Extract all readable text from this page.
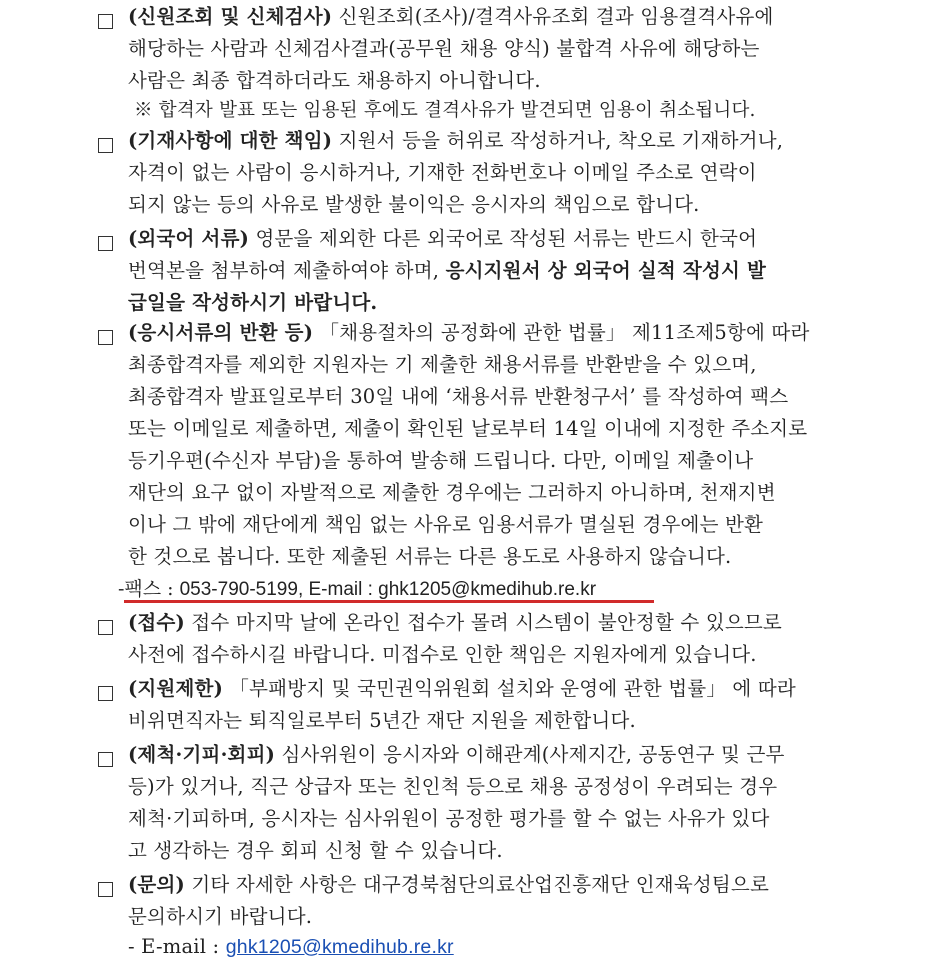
(신원조회 및 신체검사) 신원조회(조사)/결격사유조회 결과 임용결격사유에
해당하는 사람과 신체검사결과(공무원 채용 양식) 불합격 사유에 해당하는
사람은 최종 합격하더라도 채용하지 아니합니다.
※ 합격자 발표 또는 임용된 후에도 결격사유가 발견되면 임용이 취소됩니다.
(기재사항에 대한 책임) 지원서 등을 허위로 작성하거나, 착오로 기재하거나,
자격이 없는 사람이 응시하거나, 기재한 전화번호나 이메일 주소로 연락이
되지 않는 등의 사유로 발생한 불이익은 응시자의 책임으로 합니다.
(외국어 서류) 영문을 제외한 다른 외국어로 작성된 서류는 반드시 한국어
번역본을 첨부하여 제출하여야 하며, 응시지원서 상 외국어 실적 작성시 발
급일을 작성하시기 바랍니다.
(응시서류의 반환 등) 「채용절차의 공정화에 관한 법률」 제11조제5항에 따라
최종합격자를 제외한 지원자는 기 제출한 채용서류를 반환받을 수 있으며,
최종합격자 발표일로부터 30일 내에 ‘채용서류 반환청구서’ 를 작성하여 팩스
또는 이메일로 제출하면, 제출이 확인된 날로부터 14일 이내에 지정한 주소지로
등기우편(수신자 부담)을 통하여 발송해 드립니다. 다만, 이메일 제출이나
재단의 요구 없이 자발적으로 제출한 경우에는 그러하지 아니하며, 천재지변
이나 그 밖에 재단에게 책임 없는 사유로 임용서류가 멸실된 경우에는 반환
한 것으로 봅니다. 또한 제출된 서류는 다른 용도로 사용하지 않습니다.
-팩스 : 053-790-5199, E-mail : ghk1205@kmedihub.re.kr
(접수) 접수 마지막 날에 온라인 접수가 몰려 시스템이 불안정할 수 있으므로
사전에 접수하시길 바랍니다. 미접수로 인한 책임은 지원자에게 있습니다.
(지원제한) 「부패방지 및 국민권익위원회 설치와 운영에 관한 법률」 에 따라
비위면직자는 퇴직일로부터 5년간 재단 지원을 제한합니다.
(제척·기피·회피) 심사위원이 응시자와 이해관계(사제지간, 공동연구 및 근무
등)가 있거나, 직근 상급자 또는 친인척 등으로 채용 공정성이 우려되는 경우
제척·기피하며, 응시자는 심사위원이 공정한 평가를 할 수 없는 사유가 있다
고 생각하는 경우 회피 신청 할 수 있습니다.
(문의) 기타 자세한 사항은 대구경북첨단의료산업진흥재단 인재육성팀으로
문의하시기 바랍니다.
- E-mail : ghk1205@kmedihub.re.kr
